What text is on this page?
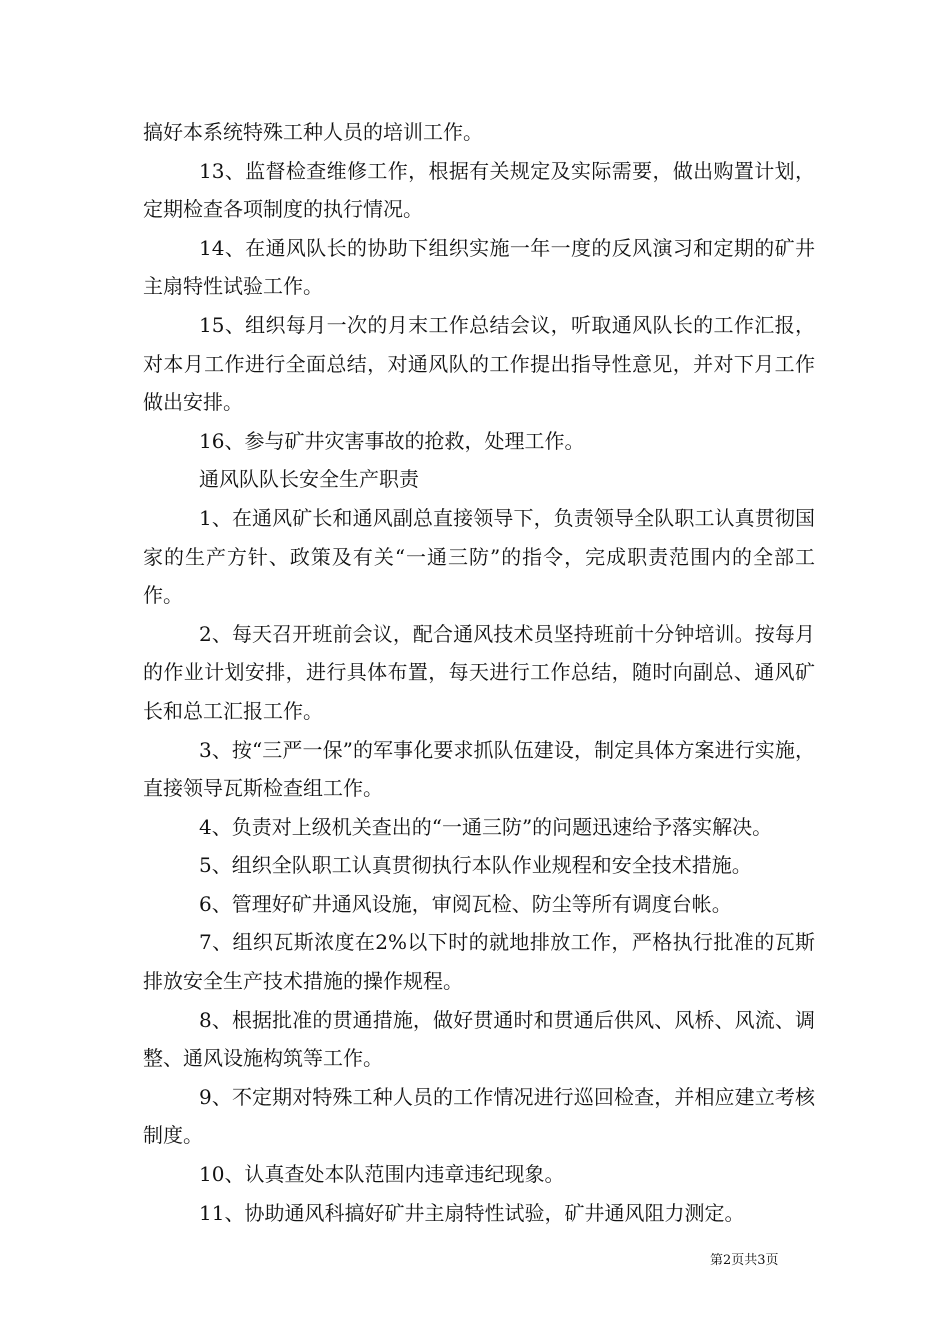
搞好本系统特殊工种人员的培训工作。

13、监督检查维修工作，根据有关规定及实际需要，做出购置计划，定期检查各项制度的执行情况。

14、在通风队长的协助下组织实施一年一度的反风演习和定期的矿井主扇特性试验工作。

15、组织每月一次的月末工作总结会议，听取通风队长的工作汇报，对本月工作进行全面总结，对通风队的工作提出指导性意见，并对下月工作做出安排。

16、参与矿井灾害事故的抢救，处理工作。

通风队队长安全生产职责

1、在通风矿长和通风副总直接领导下，负责领导全队职工认真贯彻国家的生产方针、政策及有关“一通三防”的指令，完成职责范围内的全部工作。

2、每天召开班前会议，配合通风技术员坚持班前十分钟培训。按每月的作业计划安排，进行具体布置，每天进行工作总结，随时向副总、通风矿长和总工汇报工作。

3、按“三严一保”的军事化要求抓队伍建设，制定具体方案进行实施，直接领导瓦斯检查组工作。

4、负责对上级机关查出的“一通三防”的问题迅速给予落实解决。

5、组织全队职工认真贯彻执行本队作业规程和安全技术措施。

6、管理好矿井通风设施，审阅瓦检、防尘等所有调度台帐。

7、组织瓦斯浓度在2%以下时的就地排放工作，严格执行批准的瓦斯排放安全生产技术措施的操作规程。

8、根据批准的贯通措施，做好贯通时和贯通后供风、风桥、风流、调整、通风设施构筑等工作。

9、不定期对特殊工种人员的工作情况进行巡回检查，并相应建立考核制度。

10、认真查处本队范围内违章违纪现象。

11、协助通风科搞好矿井主扇特性试验，矿井通风阻力测定。

第2页共3页
